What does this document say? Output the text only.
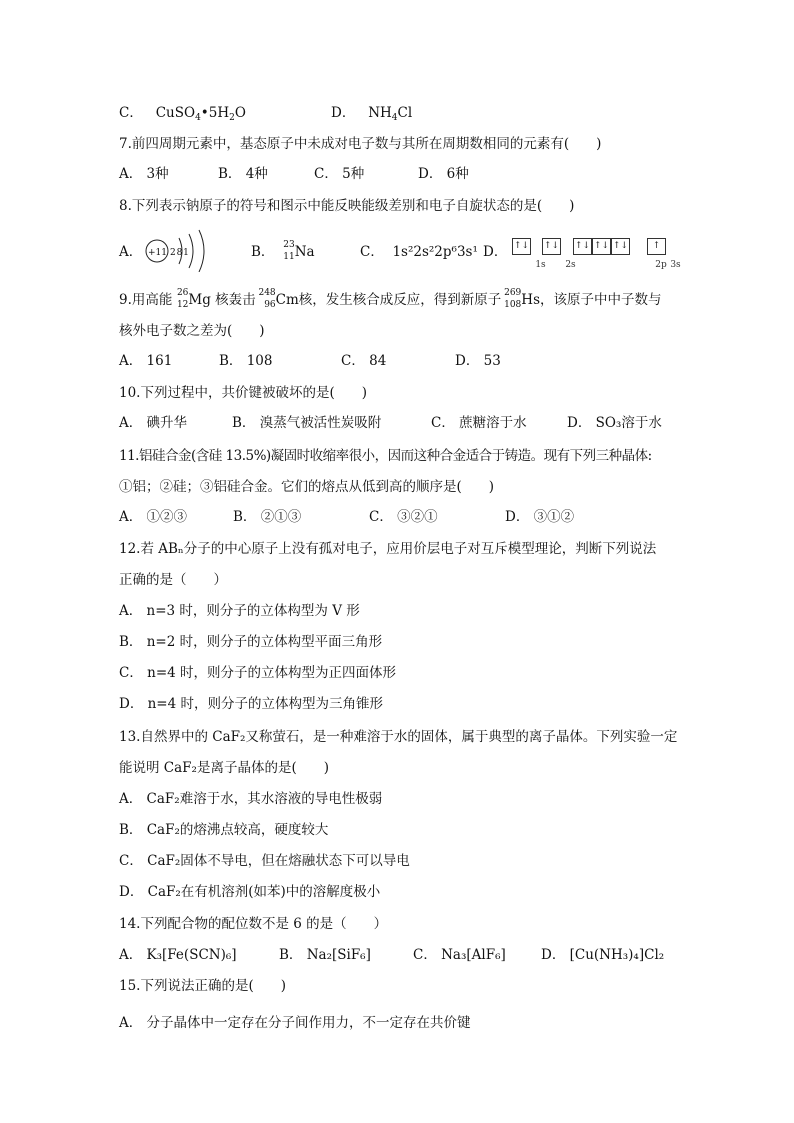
C． $CuSO_4•5H_2O$	D． $NH_4Cl$
7.前四周期元素中，基态原子中未成对电子数与其所在周期数相同的元素有(　　)
A． 3种	B． 4种	C． 5种	D． 6种
8.下列表示钠原子的符号和图示中能反映能级差别和电子自旋状态的是(　　)
A． +11 2 8 1	B． 23
11 Na	C． 1s²2s²2p⁶3s¹ D． ↑↓
1s
↑↓
2s
↑↓ ↑↓ ↑↓
2p
↑
3s
9.用高能 26
12 Mg 核轰击 248
96 Cm核，发生核合成反应，得到新原子 269
108 Hs，该原子中中子数与
核外电子数之差为(　　)
A． 161	B． 108	C． 84	D． 53
10.下列过程中，共价键被破坏的是(　　)
A． 碘升华	B． 溴蒸气被活性炭吸附	C． 蔗糖溶于水	D． SO₃溶于水
11.铝硅合金(含硅 13.5%)凝固时收缩率很小，因而这种合金适合于铸造。现有下列三种晶体:
①铝；②硅；③铝硅合金。它们的熔点从低到高的顺序是(　　)
A． ①②③	B． ②①③	C． ③②①	D． ③①②
12.若 ABₙ分子的中心原子上没有孤对电子，应用价层电子对互斥模型理论，判断下列说法
正确的是（　　）
A． n=3 时，则分子的立体构型为 V 形
B． n=2 时，则分子的立体构型平面三角形
C． n=4 时，则分子的立体构型为正四面体形
D． n=4 时，则分子的立体构型为三角锥形
13.自然界中的 CaF₂又称萤石，是一种难溶于水的固体，属于典型的离子晶体。下列实验一定
能说明 CaF₂是离子晶体的是(　　)
A． CaF₂难溶于水，其水溶液的导电性极弱
B． CaF₂的熔沸点较高，硬度较大
C． CaF₂固体不导电，但在熔融状态下可以导电
D． CaF₂在有机溶剂(如苯)中的溶解度极小
14.下列配合物的配位数不是 6 的是（　　）
A． K₃[Fe(SCN)₆]	B． Na₂[SiF₆]	C． Na₃[AlF₆]	D． [Cu(NH₃)₄]Cl₂
15.下列说法正确的是(　　)
A． 分子晶体中一定存在分子间作用力，不一定存在共价键
